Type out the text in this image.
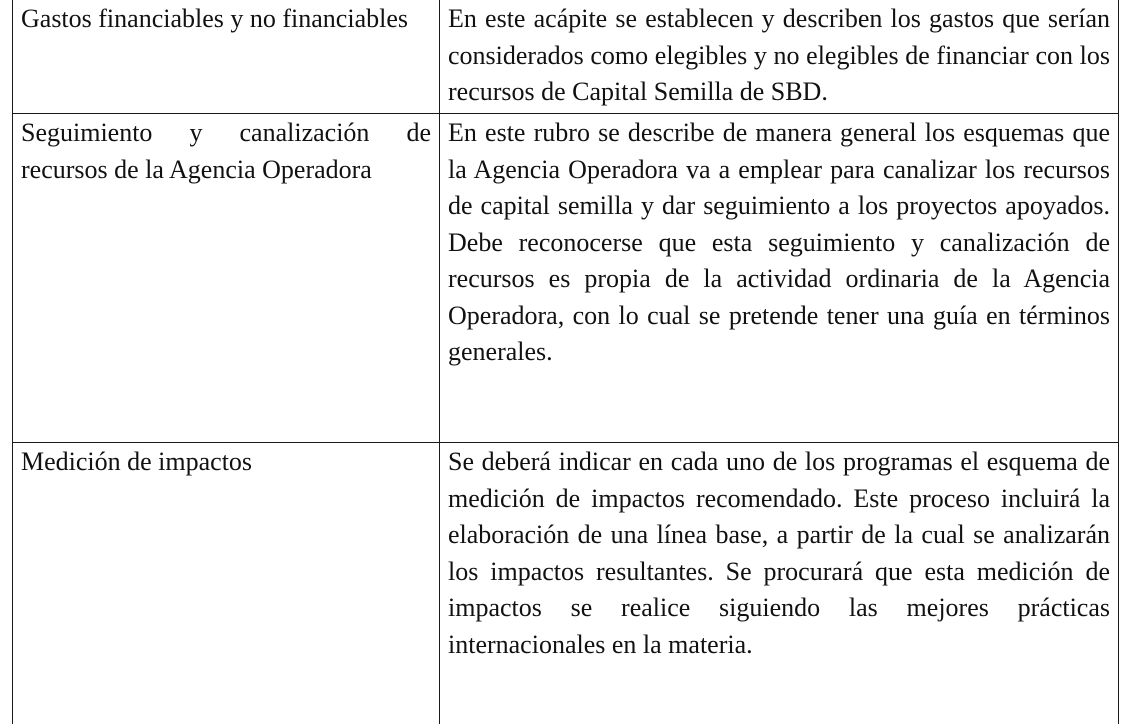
Gastos financiables y no financiables	En este acápite se establecen y describen los gastos que serían considerados como elegibles y no elegibles de financiar con los recursos de Capital Semilla de SBD.
Seguimiento y canalización de recursos de la Agencia Operadora	En este rubro se describe de manera general los esquemas que la Agencia Operadora va a emplear para canalizar los recursos de capital semilla y dar seguimiento a los proyectos apoyados. Debe reconocerse que esta seguimiento y canalización de recursos es propia de la actividad ordinaria de la Agencia Operadora, con lo cual se pretende tener una guía en términos generales.
Medición de impactos	Se deberá indicar en cada uno de los programas el esquema de medición de impactos recomendado. Este proceso incluirá la elaboración de una línea base, a partir de la cual se analizarán los impactos resultantes. Se procurará que esta medición de impactos se realice siguiendo las mejores prácticas internacionales en la materia.
